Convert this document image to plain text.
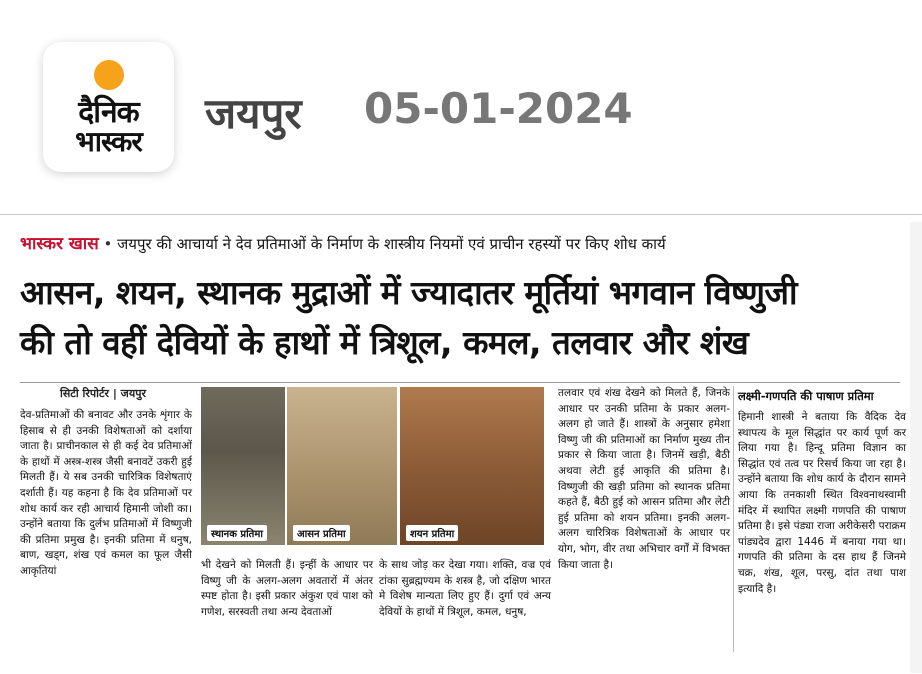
दैनिक
भास्कर
जयपुर 05-01-2024
भास्कर खास • जयपुर की आचार्या ने देव प्रतिमाओं के निर्माण के शास्त्रीय नियमों एवं प्राचीन रहस्यों पर किए शोध कार्य
आसन, शयन, स्थानक मुद्राओं में ज्यादातर मूर्तियां भगवान विष्णुजी
की तो वहीं देवियों के हाथों में त्रिशूल, कमल, तलवार और शंख
सिटी रिपोर्टर | जयपुर
देव-प्रतिमाओं की बनावट और उनके शृंगार के हिसाब से ही उनकी विशेषताओं को दर्शाया जाता है। प्राचीनकाल से ही कई देव प्रतिमाओं के हाथों में अस्त्र-शस्त्र जैसी बनावटें उकरी हुई मिलती हैं। ये सब उनकी चारित्रिक विशेषताएं दर्शाती हैं। यह कहना है कि देव प्रतिमाओं पर शोध कार्य कर रही आचार्य हिमानी जोशी का। उन्होंने बताया कि दुर्लभ प्रतिमाओं में विष्णुजी की प्रतिमा प्रमुख है। इनकी प्रतिमा में धनुष, बाण, खड्ग, शंख एवं कमल का फूल जैसी आकृतियां
स्थानक प्रतिमा	आसन प्रतिमा	शयन प्रतिमा
भी देखने को मिलती हैं। इन्हीं के आधार पर विष्णु जी के अलग-अलग अवतारों में अंतर स्पष्ट होता है। इसी प्रकार अंकुश एवं पाश को गणेश, सरस्वती तथा अन्य देवताओं
के साथ जोड़ कर देखा गया। शक्ति, वज्र एवं टांका सुब्रह्मण्यम के शस्त्र है, जो दक्षिण भारत मे विशेष मान्यता लिए हुए हैं। दुर्गा एवं अन्य देवियों के हाथों में त्रिशूल, कमल, धनुष,
तलवार एवं शंख देखने को मिलते हैं, जिनके आधार पर उनकी प्रतिमा के प्रकार अलग-अलग हो जाते हैं। शास्त्रों के अनुसार हमेशा विष्णु जी की प्रतिमाओं का निर्माण मुख्य तीन प्रकार से किया जाता है। जिनमें खड़ी, बैठी अथवा लेटी हुई आकृति की प्रतिमा है। विष्णुजी की खड़ी प्रतिमा को स्थानक प्रतिमा कहते हैं, बैठी हुई को आसन प्रतिमा और लेटी हुई प्रतिमा को शयन प्रतिमा। इनकी अलग-अलग चारित्रिक विशेषताओं के आधार पर योग, भोग, वीर तथा अभिचार वर्गों में विभक्त किया जाता है।
लक्ष्मी-गणपति की पाषाण प्रतिमा
हिमानी शास्त्री ने बताया कि वैदिक देव स्थापत्य के मूल सिद्धांत पर कार्य पूर्ण कर लिया गया है। हिन्दू प्रतिमा विज्ञान का सिद्धांत एवं तत्व पर रिसर्च किया जा रहा है। उन्होंने बताया कि शोध कार्य के दौरान सामने आया कि तनकाशी स्थित विश्वनाथस्वामी मंदिर में स्थापित लक्ष्मी गणपति की पाषाण प्रतिमा है। इसे पंड्या राजा अरीकेसरी पराक्रम पांड्यदेव द्वारा 1446 में बनाया गया था। गणपति की प्रतिमा के दस हाथ हैं जिनमे चक्र, शंख, शूल, परसु, दांत तथा पाश इत्यादि है।
